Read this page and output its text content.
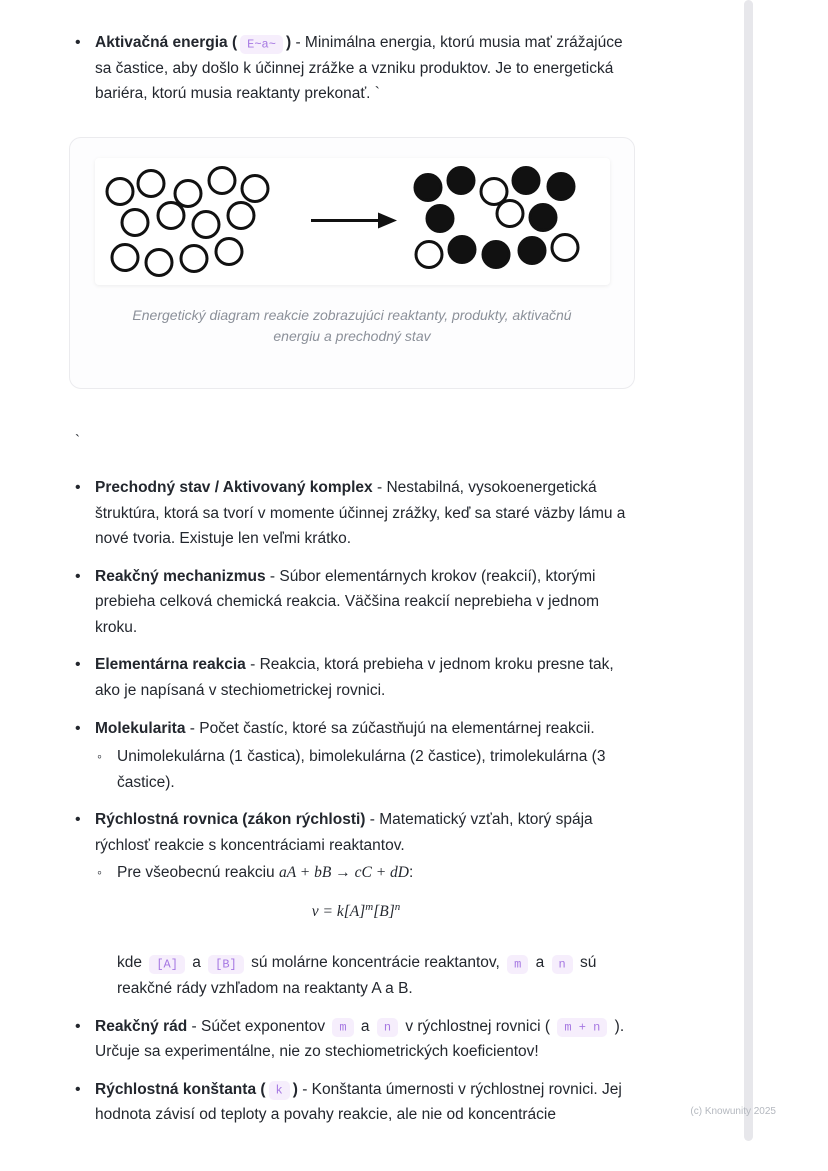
•
Aktivačná energia ( E~a~ ) - Minimálna energia, ktorú musia mať zrážajúce sa častice, aby došlo k účinnej zrážke a vzniku produktov. Je to energetická bariéra, ktorú musia reaktanty prekonať. `
Energetický diagram reakcie zobrazujúci reaktanty, produkty, aktivačnú energiu a prechodný stav
`
•
Prechodný stav / Aktivovaný komplex - Nestabilná, vysokoenergetická štruktúra, ktorá sa tvorí v momente účinnej zrážky, keď sa staré väzby lámu a nové tvoria. Existuje len veľmi krátko.
•
Reakčný mechanizmus - Súbor elementárnych krokov (reakcií), ktorými prebieha celková chemická reakcia. Väčšina reakcií neprebieha v jednom kroku.
•
Elementárna reakcia - Reakcia, ktorá prebieha v jednom kroku presne tak, ako je napísaná v stechiometrickej rovnici.
•
Molekularita - Počet častíc, ktoré sa zúčastňujú na elementárnej reakcii.
◦
Unimolekulárna (1 častica), bimolekulárna (2 častice), trimolekulárna (3 častice).
•
Rýchlostná rovnica (zákon rýchlosti) - Matematický vzťah, ktorý spája rýchlosť reakcie s koncentráciami reaktantov.
◦
Pre všeobecnú reakciu aA + bB → cC + dD:
$v = k[A]^m[B]^n$
kde [A] a [B] sú molárne koncentrácie reaktantov, m a n sú reakčné rády vzhľadom na reaktanty A a B.
•
Reakčný rád - Súčet exponentov m a n v rýchlostnej rovnici ( m + n ). Určuje sa experimentálne, nie zo stechiometrických koeficientov!
•
Rýchlostná konštanta ( k ) - Konštanta úmernosti v rýchlostnej rovnici. Jej hodnota závisí od teploty a povahy reakcie, ale nie od koncentrácie	(c) Knowunity 2025
